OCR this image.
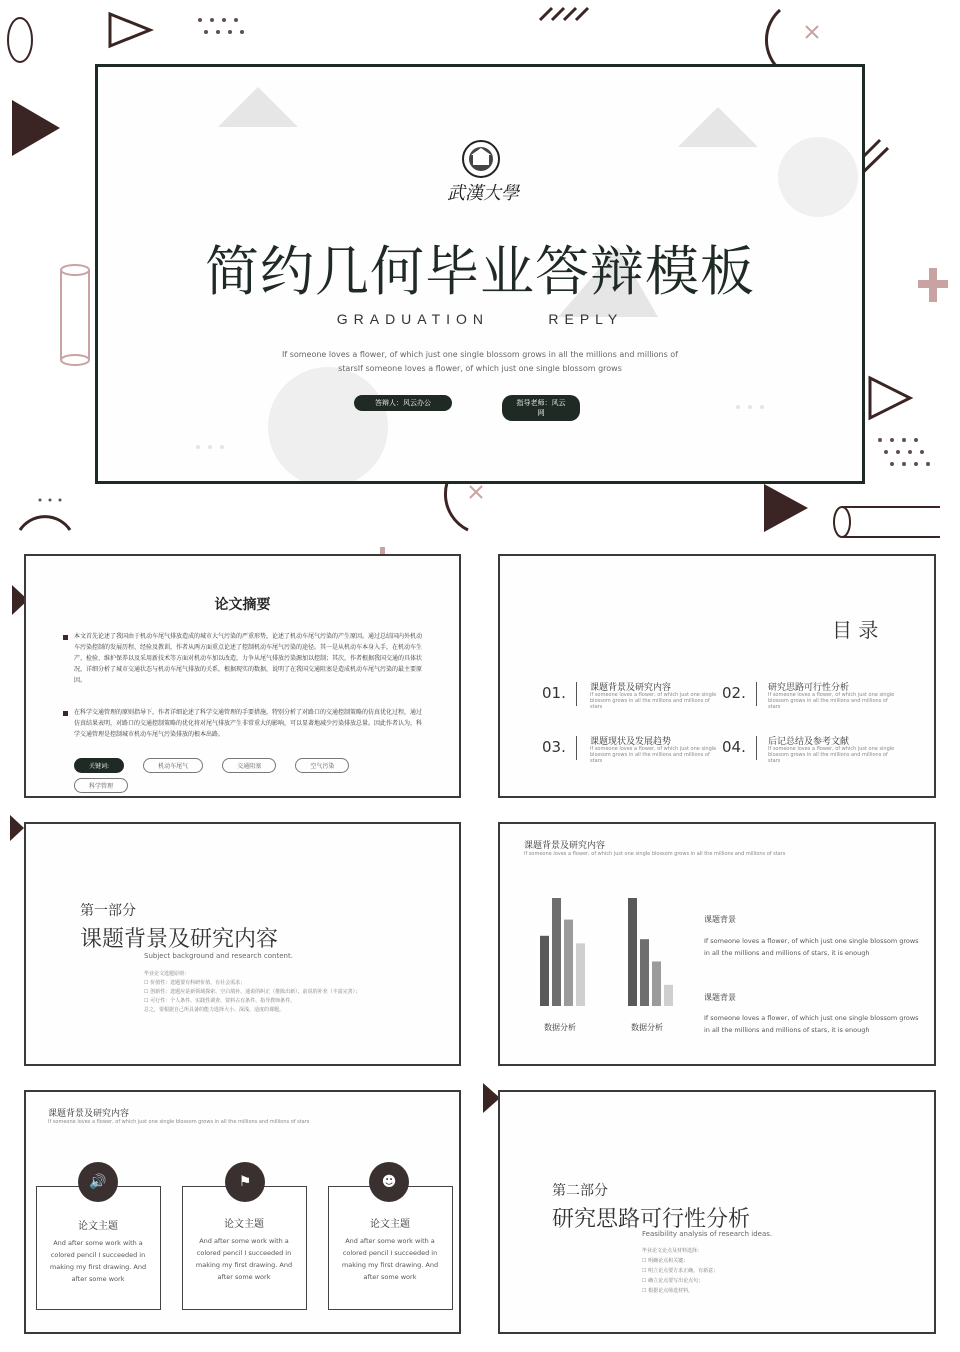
武漢大學
简约几何毕业答辩模板
GRADUATION      REPLY
If someone loves a flower, of which just one single blossom grows in all the millions and millions of
starsIf someone loves a flower, of which just one single blossom grows
答辩人：风云办公	指导老师：风云网
论文摘要
本文首先论述了我国由于机动车尾气排放造成的城市大气污染的严重形势，论述了机动车尾气污染的产生原因。通过总结国内外机动车污染控制的发展历程、经验及教训，作者从两方面重点论述了控制机动车尾气污染的途径。其一是从机动车本身入手，在机动车生产、检验、维护保养以及采用新技术等方面对机动车加以改造，力争从尾气排放污染源加以控制；其次，作者根据我国交通的具体状况，详细分析了城市交通状态与机动车尾气排放的关系，根据现实的数据，说明了在我国交通阻塞是造成机动车尾气污染的最主要原因。
在科学交通管理的原则指导下，作者详细论述了科学交通管理的手要措施，特别分析了对路口的交通控制策略的仿真优化过程，通过仿真结果表明，对路口的交通控制策略的优化将对尾气排放产生非常重大的影响，可以显著地减少污染排放总量。因此作者认为，科学交通管理是控制城市机动车尾气污染排放的根本出路。
关键词:	机动车尾气	交通阻塞	空气污染 科学管理
目 录
01.	课题背景及研究内容
If someone loves a flower, of which just one single blossom grows in all the millions and millions of stars
02. 研究思路可行性分析
If someone loves a flower, of which just one single blossom grows in all the millions and millions of stars
03.	课题现状及发展趋势
If someone loves a flower, of which just one single blossom grows in all the millions and millions of stars
04. 后记总结及参考文献
If someone loves a flower, of which just one single blossom grows in all the millions and millions of stars
第一部分
课题背景及研究内容
Subject background and research content.
毕业论文选题原则：
☐ 价值性：选题要有科研价值，有社会需求；
☐ 创新性：选题应是新领域探索、空白填补、通说的纠正（推陈出新）、前说的补充（丰富完善）；
☐ 可行性：个人条件、实践性调查、资料占有条件、指导教师条件。
总之，要根据自己所具备的能力选择大小、深浅、适度的课题。
课题背景及研究内容
If someone loves a flower, of which just one single blossom grows in all the millions and millions of stars
数据分析	数据分析
课题背景
If someone loves a flower, of which just one single blossom grows in all the millions and millions of stars, it is enough
课题背景
If someone loves a flower, of which just one single blossom grows in all the millions and millions of stars, it is enough
课题背景及研究内容
If someone loves a flower, of which just one single blossom grows in all the millions and millions of stars
论文主题
And after some work with a colored pencil I succeeded in making my first drawing. And after some work
🔊
论文主题
And after some work with a colored pencil I succeeded in making my first drawing. And after some work
⚑
论文主题
And after some work with a colored pencil I succeeded in making my first drawing. And after some work
☻
第二部分
研究思路可行性分析
Feasibility analysis of research ideas.
毕业论文论点及材料选择：
☐ 明确论点和关键；
☐ 明立论点要方求正确，有新意；
☐ 确立论点要写出论点句；
☐ 根据论点筛选材料。
